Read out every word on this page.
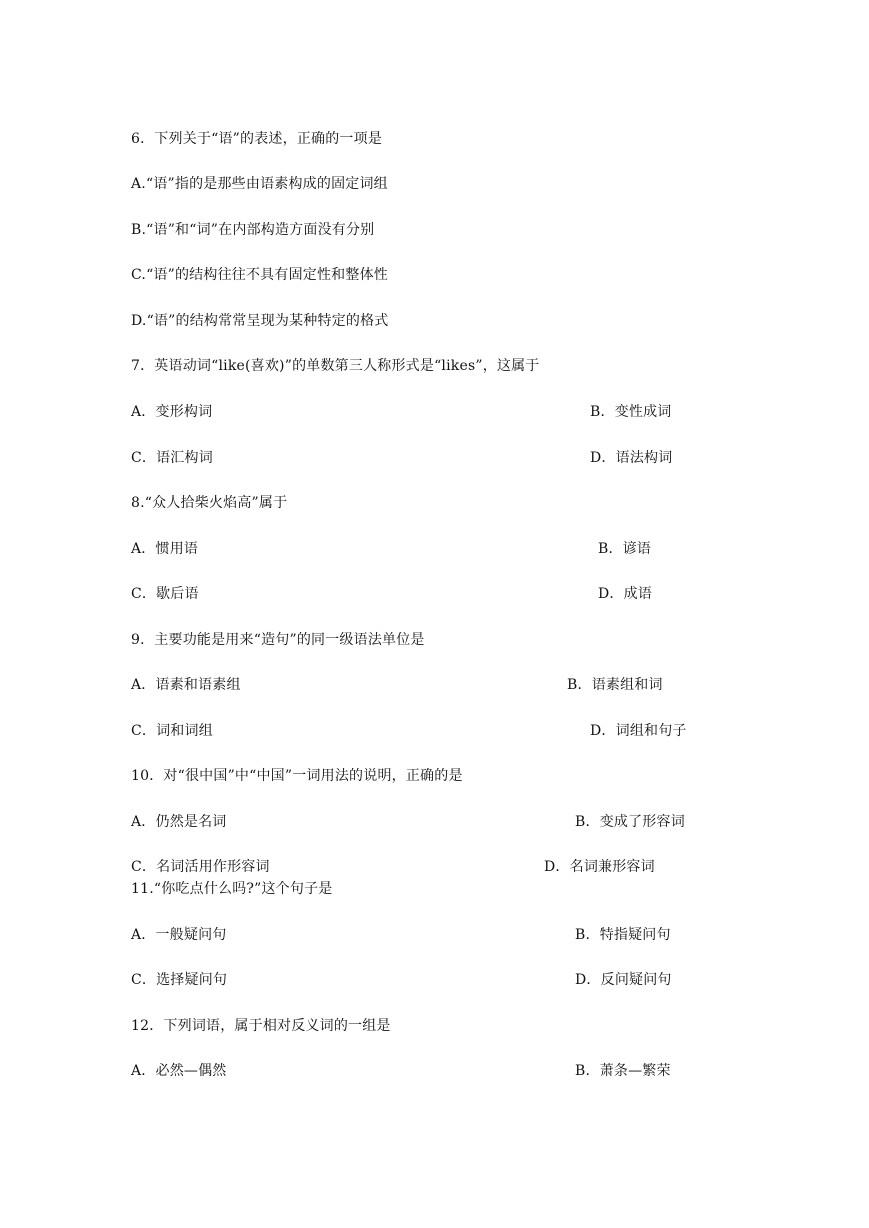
6．下列关于“语”的表述，正确的一项是
A.“语”指的是那些由语素构成的固定词组
B.“语”和“词”在内部构造方面没有分别
C.“语”的结构往往不具有固定性和整体性
D.“语”的结构常常呈现为某种特定的格式
7．英语动词“like(喜欢)”的单数第三人称形式是“likes”，这属于
A．变形构词	B．变性成词
C．语汇构词	D．语法构词
8.“众人拾柴火焰高”属于
A．惯用语	B．谚语
C．歇后语	D．成语
9．主要功能是用来“造句”的同一级语法单位是
A．语素和语素组	B．语素组和词
C．词和词组	D．词组和句子
10．对“很中国”中“中国”一词用法的说明，正确的是
A．仍然是名词	B．变成了形容词
C．名词活用作形容词	D．名词兼形容词
11.“你吃点什么吗?”这个句子是
A．一般疑问句	B．特指疑问句
C．选择疑问句	D．反问疑问句
12．下列词语，属于相对反义词的一组是
A．必然—偶然	B．萧条—繁荣
